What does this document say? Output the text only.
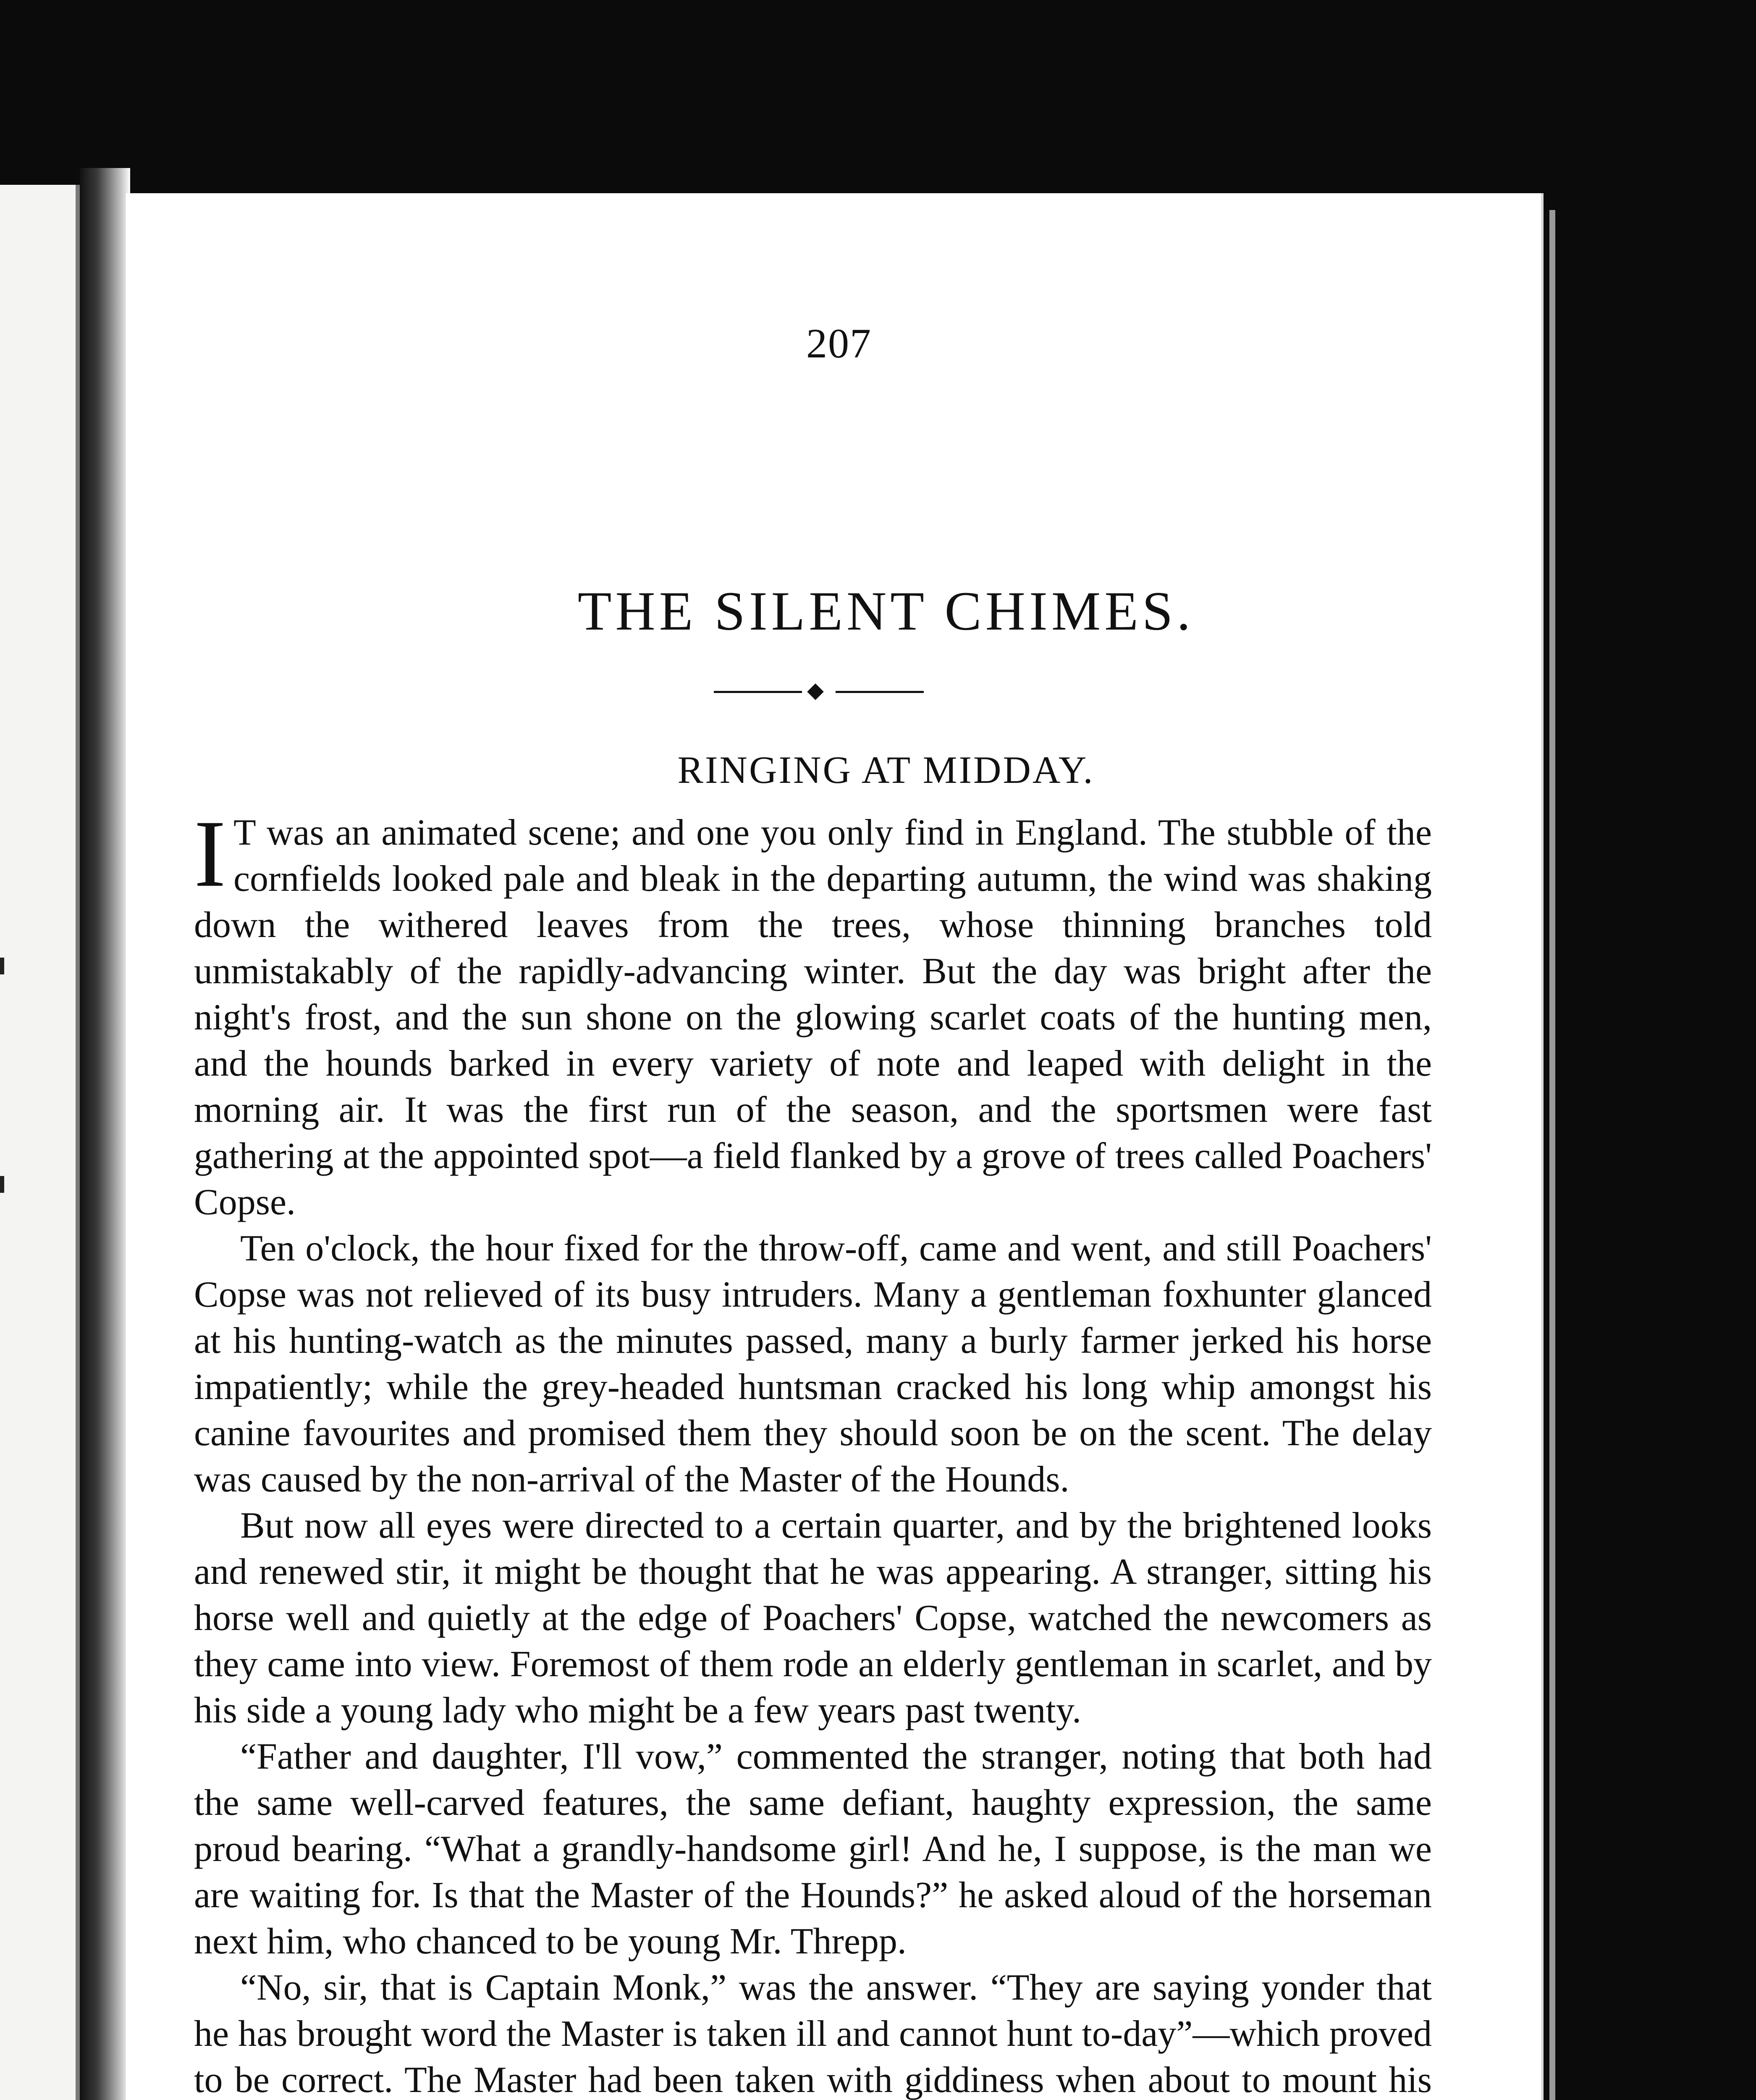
207
THE SILENT CHIMES.
RINGING AT MIDDAY.

I T was an animated scene; and one you only find in England. The stubble of the cornfields looked pale and bleak in the departing autumn, the wind was shaking down the withered leaves from the trees, whose thinning branches told unmistakably of the rapidly-advancing winter. But the day was bright after the night's frost, and the sun shone on the glowing scarlet coats of the hunting men, and the hounds barked in every variety of note and leaped with delight in the morning air. It was the first run of the season, and the sportsmen were fast gathering at the appointed spot—a field flanked by a grove of trees called Poachers' Copse.

Ten o'clock, the hour fixed for the throw-off, came and went, and still Poachers' Copse was not relieved of its busy intruders. Many a gentleman foxhunter glanced at his hunting-watch as the minutes passed, many a burly farmer jerked his horse impatiently; while the grey-headed huntsman cracked his long whip amongst his canine favourites and promised them they should soon be on the scent. The delay was caused by the non-arrival of the Master of the Hounds.

But now all eyes were directed to a certain quarter, and by the brightened looks and renewed stir, it might be thought that he was appearing. A stranger, sitting his horse well and quietly at the edge of Poachers' Copse, watched the newcomers as they came into view. Foremost of them rode an elderly gentleman in scarlet, and by his side a young lady who might be a few years past twenty.

“Father and daughter, I'll vow,” commented the stranger, noting that both had the same well-carved features, the same defiant, haughty expression, the same proud bearing. “What a grandly-handsome girl! And he, I suppose, is the man we are waiting for. Is that the Master of the Hounds?” he asked aloud of the horseman next him, who chanced to be young Mr. Threpp.

“No, sir, that is Captain Monk,” was the answer. “They are saying yonder that he has brought word the Master is taken ill and cannot hunt to-day”—which proved to be correct. The Master had been taken with giddiness when about to mount his
